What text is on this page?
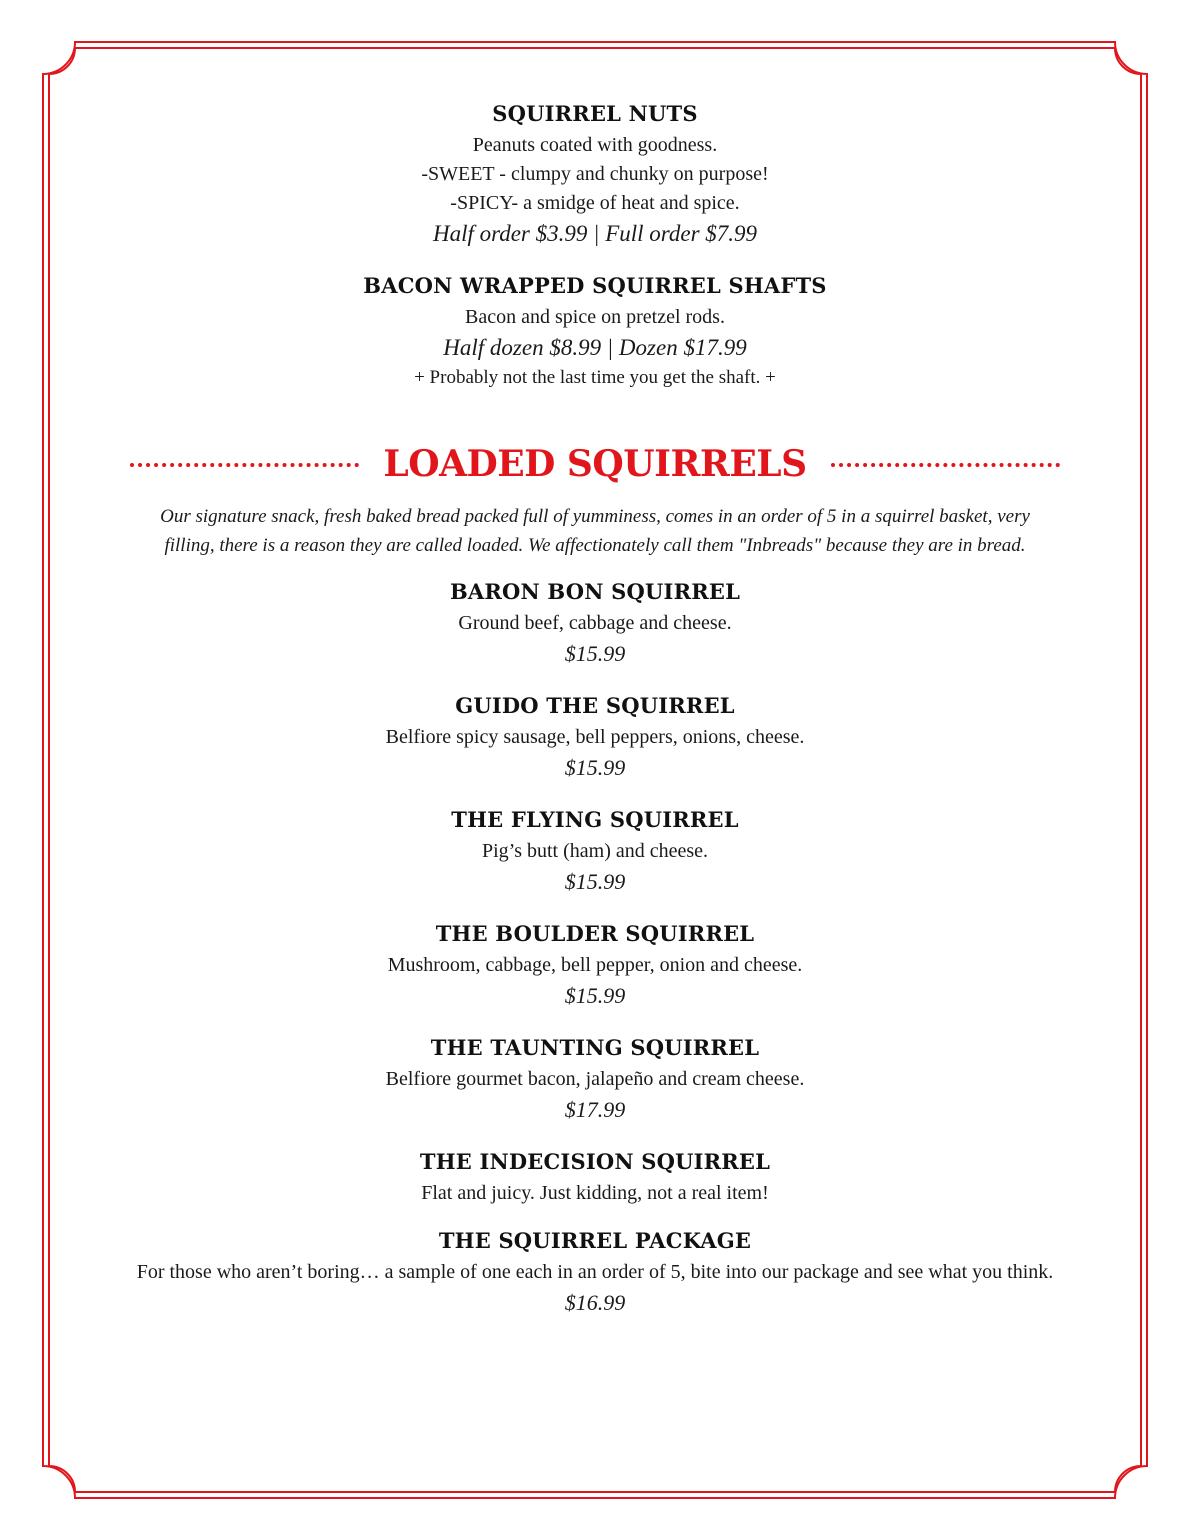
SQUIRREL NUTS
Peanuts coated with goodness.
-SWEET - clumpy and chunky on purpose!
-SPICY- a smidge of heat and spice.
Half order $3.99 | Full order $7.99
BACON WRAPPED SQUIRREL SHAFTS
Bacon and spice on pretzel rods.
Half dozen $8.99 | Dozen $17.99
+ Probably not the last time you get the shaft. +
LOADED SQUIRRELS
Our signature snack, fresh baked bread packed full of yumminess, comes in an order of 5 in a squirrel basket, very filling, there is a reason they are called loaded. We affectionately call them "Inbreads" because they are in bread.
BARON BON SQUIRREL
Ground beef, cabbage and cheese.
$15.99
GUIDO THE SQUIRREL
Belfiore spicy sausage, bell peppers, onions, cheese.
$15.99
THE FLYING SQUIRREL
Pig’s butt (ham) and cheese.
$15.99
THE BOULDER SQUIRREL
Mushroom, cabbage, bell pepper, onion and cheese.
$15.99
THE TAUNTING SQUIRREL
Belfiore gourmet bacon, jalapeño and cream cheese.
$17.99
THE INDECISION SQUIRREL
Flat and juicy. Just kidding, not a real item!
THE SQUIRREL PACKAGE
For those who aren’t boring… a sample of one each in an order of 5, bite into our package and see what you think.
$16.99
